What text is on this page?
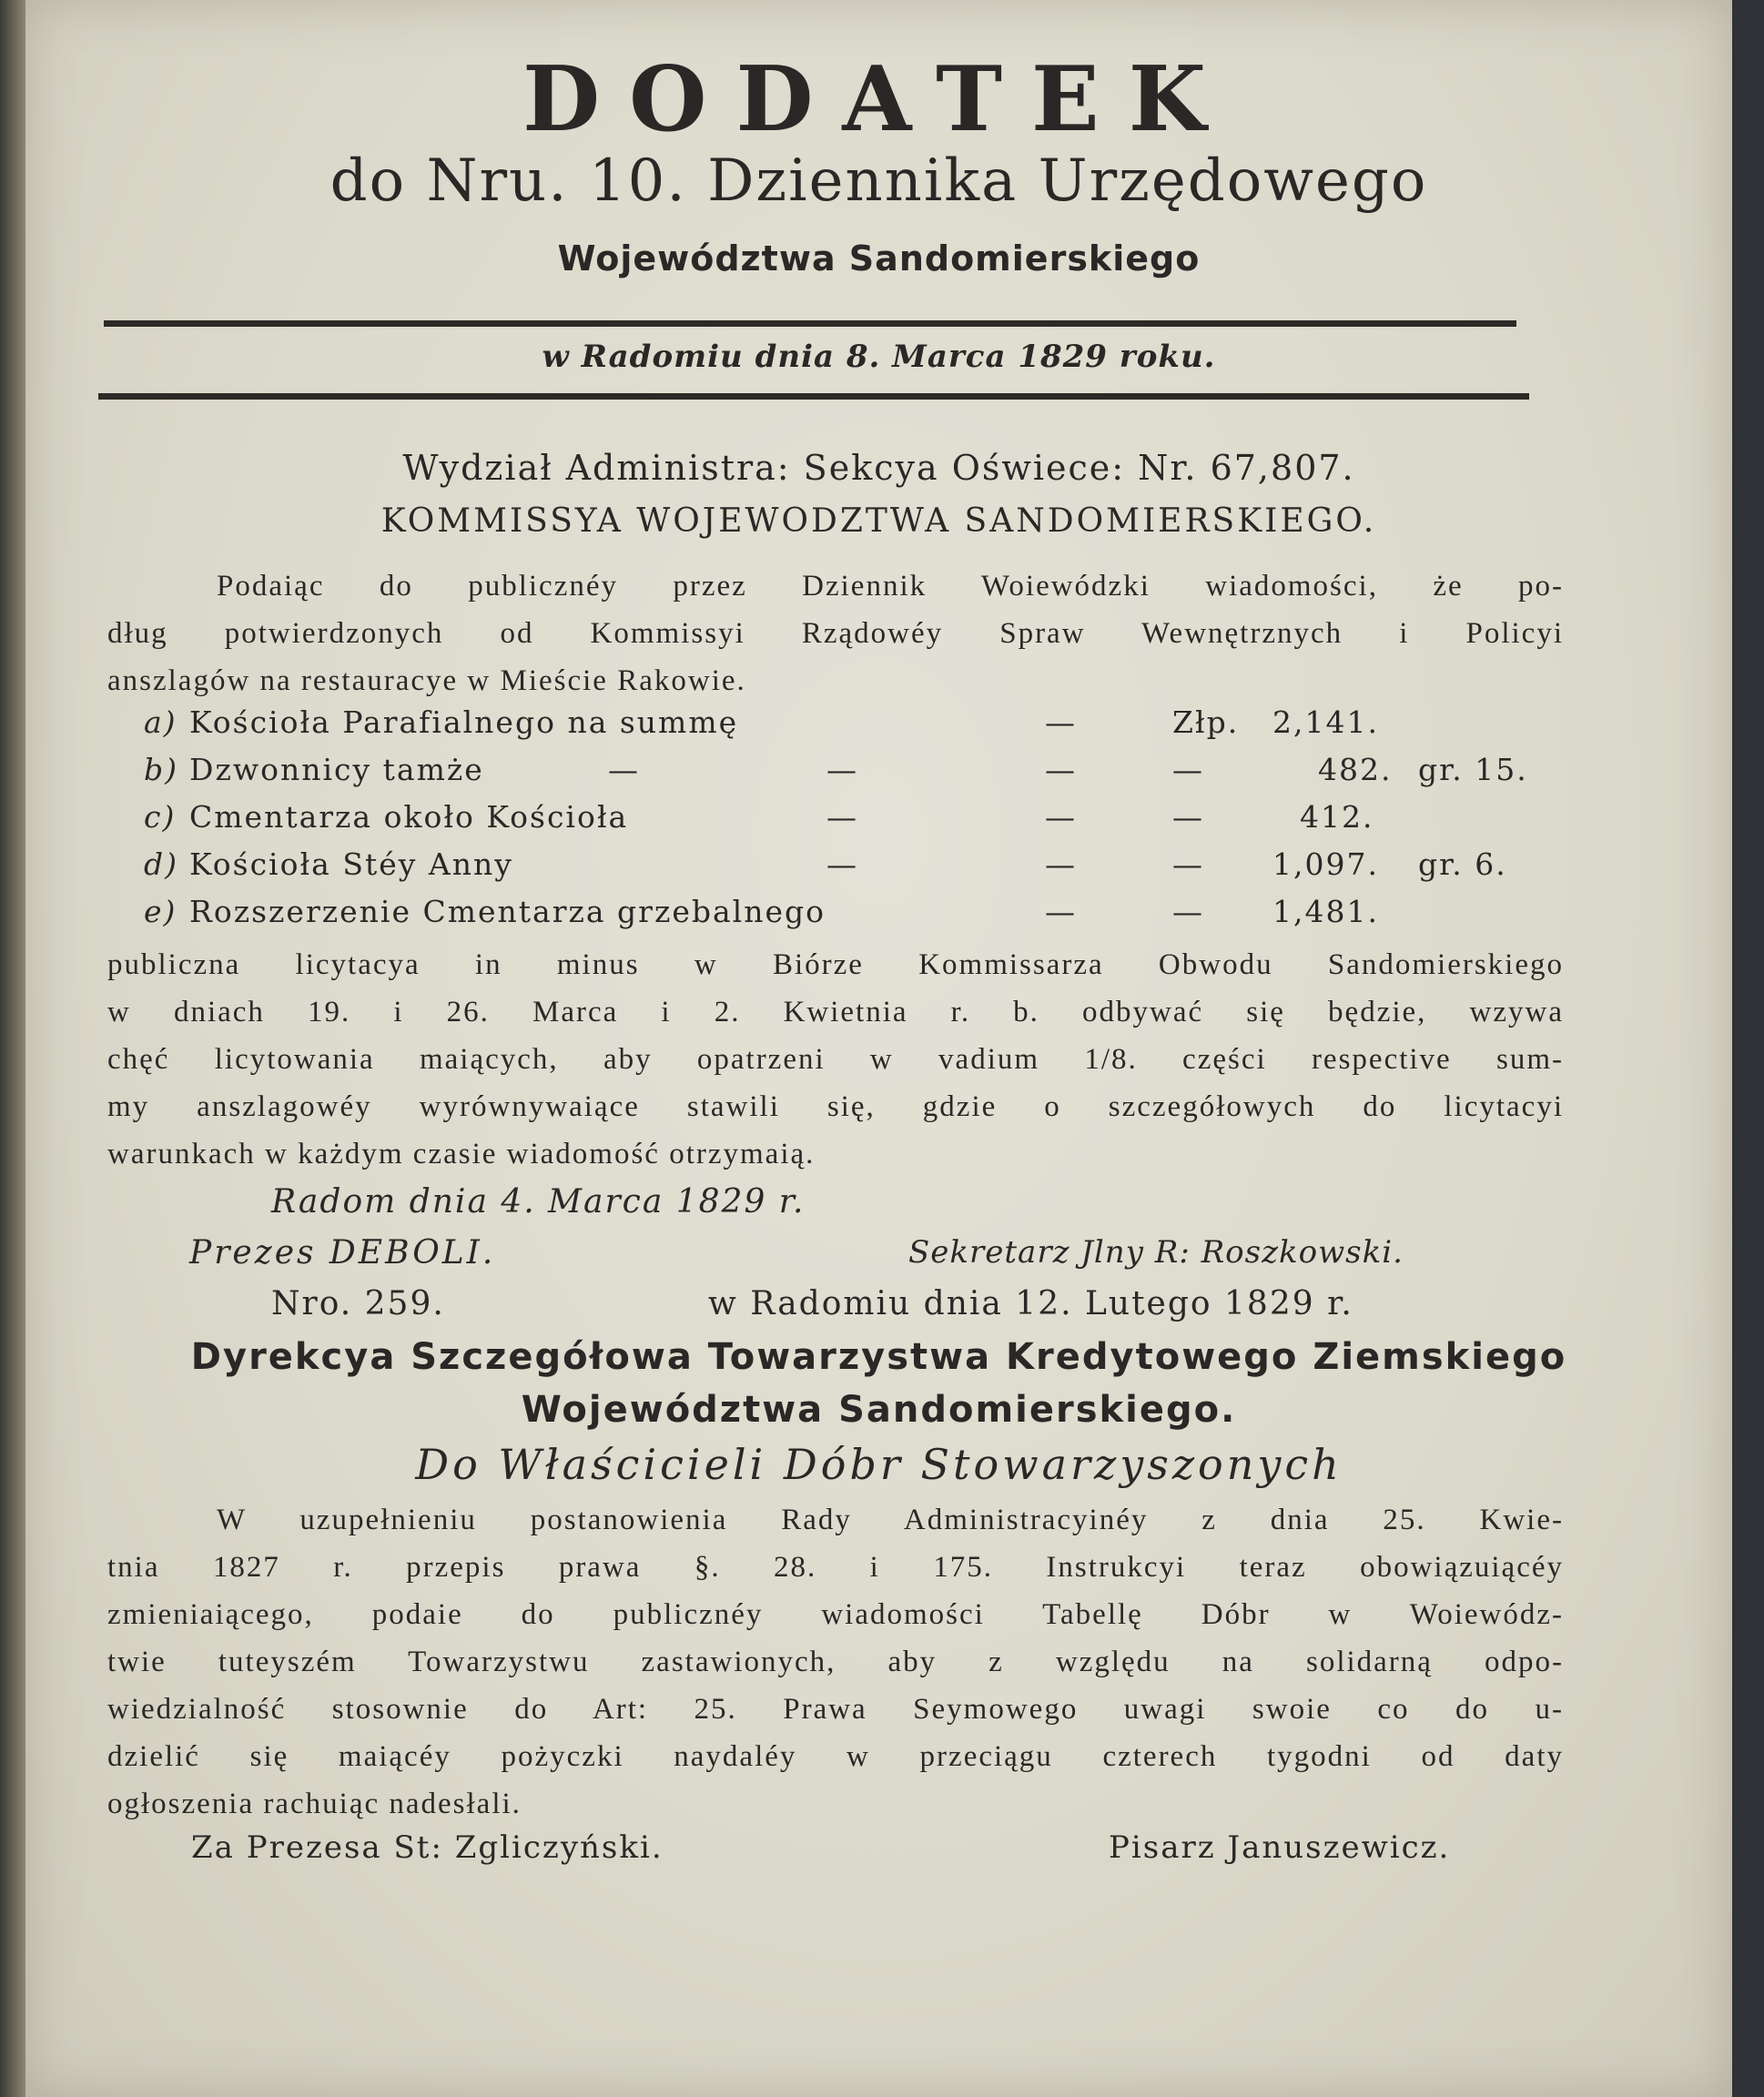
DODATEK
do Nru. 10. Dziennika Urzędowego
Województwa Sandomierskiego
w Radomiu dnia 8. Marca 1829 roku.
Wydział Administra: Sekcya Oświece: Nr. 67,807.
KOMMISSYA WOJEWODZTWA SANDOMIERSKIEGO.
Podaiąc do publicznéy przez Dziennik Woiewódzki wiadomości, że po-
dług potwierdzonych od Kommissyi Rządowéy Spraw Wewnętrznych i Policyi
anszlagów na restauracye w Mieście Rakowie.
a) Kościoła Parafialnego na summę	—	Złp. 2,141.
b) Dzwonnicy tamże	—	—	—	—	482. gr. 15.
c) Cmentarza około Kościoła	—	—	—	412.
d) Kościoła Stéy Anny	—	—	— 1,097. gr. 6.
e) Rozszerzenie Cmentarza grzebalnego	—	— 1,481.
publiczna licytacya in minus w Biórze Kommissarza Obwodu Sandomierskiego
w dniach 19. i 26. Marca i 2. Kwietnia r. b. odbywać się będzie, wzywa
chęć licytowania maiących, aby opatrzeni w vadium 1/8. części respective sum-
my anszlagowéy wyrównywaiące stawili się, gdzie o szczegółowych do licytacyi
warunkach w każdym czasie wiadomość otrzymaią.
Radom dnia 4. Marca 1829 r.
Prezes DEBOLI.	Sekretarz Jlny R: Roszkowski.
Nro. 259.	w Radomiu dnia 12. Lutego 1829 r.
Dyrekcya Szczegółowa Towarzystwa Kredytowego Ziemskiego
Województwa Sandomierskiego.
Do Właścicieli Dóbr Stowarzyszonych
W uzupełnieniu postanowienia Rady Administracyinéy z dnia 25. Kwie-
tnia 1827 r. przepis prawa §. 28. i 175. Instrukcyi teraz obowiązuiącéy
zmieniaiącego, podaie do publicznéy wiadomości Tabellę Dóbr w Woiewódz-
twie tuteyszém Towarzystwu zastawionych, aby z względu na solidarną odpo-
wiedzialność stosownie do Art: 25. Prawa Seymowego uwagi swoie co do u-
dzielić się maiącéy pożyczki naydaléy w przeciągu czterech tygodni od daty
ogłoszenia rachuiąc nadesłali.
Za Prezesa St: Zgliczyński.	Pisarz Januszewicz.
